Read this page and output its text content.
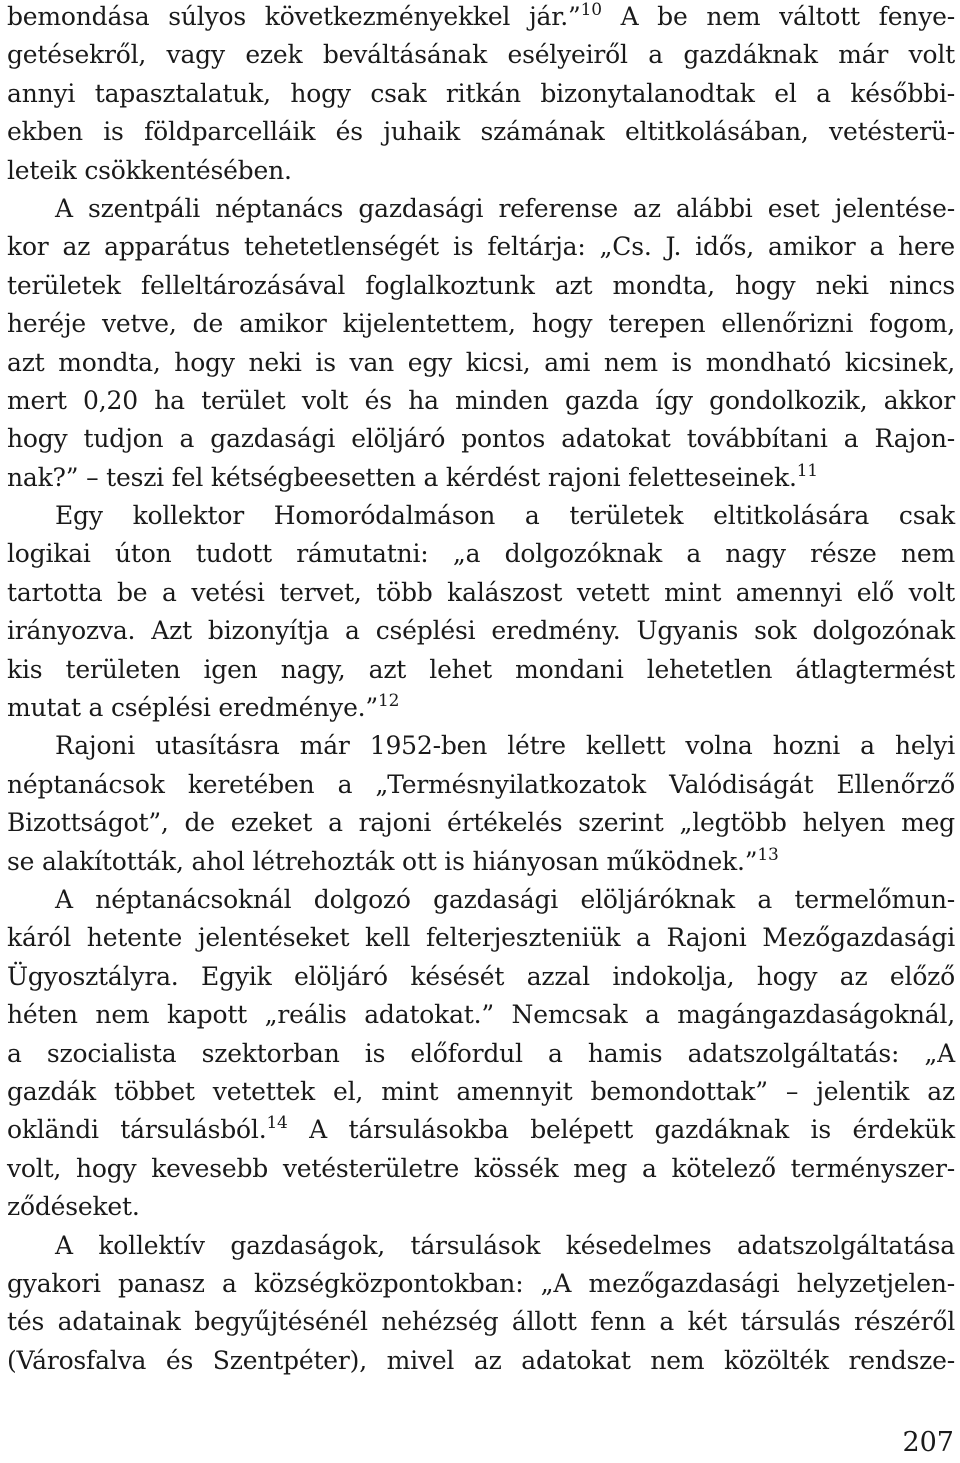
bemondása súlyos következményekkel jár.”$^{10}$ A be nem váltott fenye-
getésekről, vagy ezek beváltásának esélyeiről a gazdáknak már volt
annyi tapasztalatuk, hogy csak ritkán bizonytalanodtak el a későbbi-
ekben is földparcelláik és juhaik számának eltitkolásában, vetésterü-
leteik csökkentésében.
A szentpáli néptanács gazdasági referense az alábbi eset jelentése-
kor az apparátus tehetetlenségét is feltárja: „Cs. J. idős, amikor a here
területek felleltározásával foglalkoztunk azt mondta, hogy neki nincs
heréje vetve, de amikor kijelentettem, hogy terepen ellenőrizni fogom,
azt mondta, hogy neki is van egy kicsi, ami nem is mondható kicsinek,
mert 0,20 ha terület volt és ha minden gazda így gondolkozik, akkor
hogy tudjon a gazdasági elöljáró pontos adatokat továbbítani a Rajon-
nak?” – teszi fel kétségbeesetten a kérdést rajoni feletteseinek.$^{11}$
Egy kollektor Homoródalmáson a területek eltitkolására csak
logikai úton tudott rámutatni: „a dolgozóknak a nagy része nem
tartotta be a vetési tervet, több kalászost vetett mint amennyi elő volt
irányozva. Azt bizonyítja a cséplési eredmény. Ugyanis sok dolgozónak
kis területen igen nagy, azt lehet mondani lehetetlen átlagtermést
mutat a cséplési eredménye.”$^{12}$
Rajoni utasításra már 1952-ben létre kellett volna hozni a helyi
néptanácsok keretében a „Termésnyilatkozatok Valódiságát Ellenőrző
Bizottságot”, de ezeket a rajoni értékelés szerint „legtöbb helyen meg
se alakították, ahol létrehozták ott is hiányosan működnek.”$^{13}$
A néptanácsoknál dolgozó gazdasági elöljáróknak a termelőmun-
káról hetente jelentéseket kell felterjeszteniük a Rajoni Mezőgazdasági
Ügyosztályra. Egyik elöljáró késését azzal indokolja, hogy az előző
héten nem kapott „reális adatokat.” Nemcsak a magángazdaságoknál,
a szocialista szektorban is előfordul a hamis adatszolgáltatás: „A
gazdák többet vetettek el, mint amennyit bemondottak” – jelentik az
okländi társulásból.$^{14}$ A társulásokba belépett gazdáknak is érdekük
volt, hogy kevesebb vetésterületre kössék meg a kötelező terményszer-
ződéseket.
A kollektív gazdaságok, társulások késedelmes adatszolgáltatása
gyakori panasz a községközpontokban: „A mezőgazdasági helyzetjelen-
tés adatainak begyűjtésénél nehézség állott fenn a két társulás részéről
(Városfalva és Szentpéter), mivel az adatokat nem közölték rendsze-
207
